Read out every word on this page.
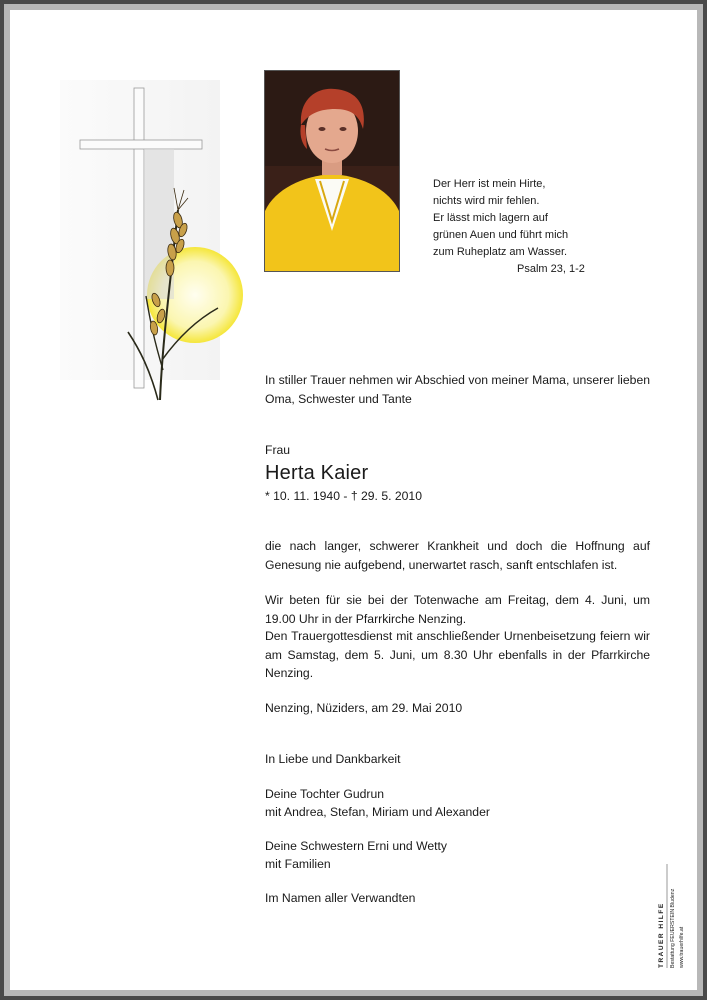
Der Herr ist mein Hirte,
nichts wird mir fehlen.
Er lässt mich lagern auf
grünen Auen und führt mich
zum Ruheplatz am Wasser.
Psalm 23, 1-2
In stiller Trauer nehmen wir Abschied von meiner Mama, unserer lieben Oma, Schwester und Tante
Frau
Herta Kaier
* 10. 11. 1940 - † 29. 5. 2010
die nach langer, schwerer Krankheit und doch die Hoffnung auf Genesung nie aufgebend, unerwartet rasch, sanft entschlafen ist.
Wir beten für sie bei der Totenwache am Freitag, dem 4. Juni, um 19.00 Uhr in der Pfarrkirche Nenzing.
Den Trauergottesdienst mit anschließender Urnenbeisetzung feiern wir am Samstag, dem 5. Juni, um 8.30 Uhr ebenfalls in der Pfarrkirche Nenzing.
Nenzing, Nüziders, am 29. Mai 2010
In Liebe und Dankbarkeit
Deine Tochter Gudrun
mit Andrea, Stefan, Miriam und Alexander
Deine Schwestern Erni und Wetty
mit Familien
Im Namen aller Verwandten
TRAUER HILFE Bestattung FEUERSTEIN Bludenz www.trauerhilfe.at
